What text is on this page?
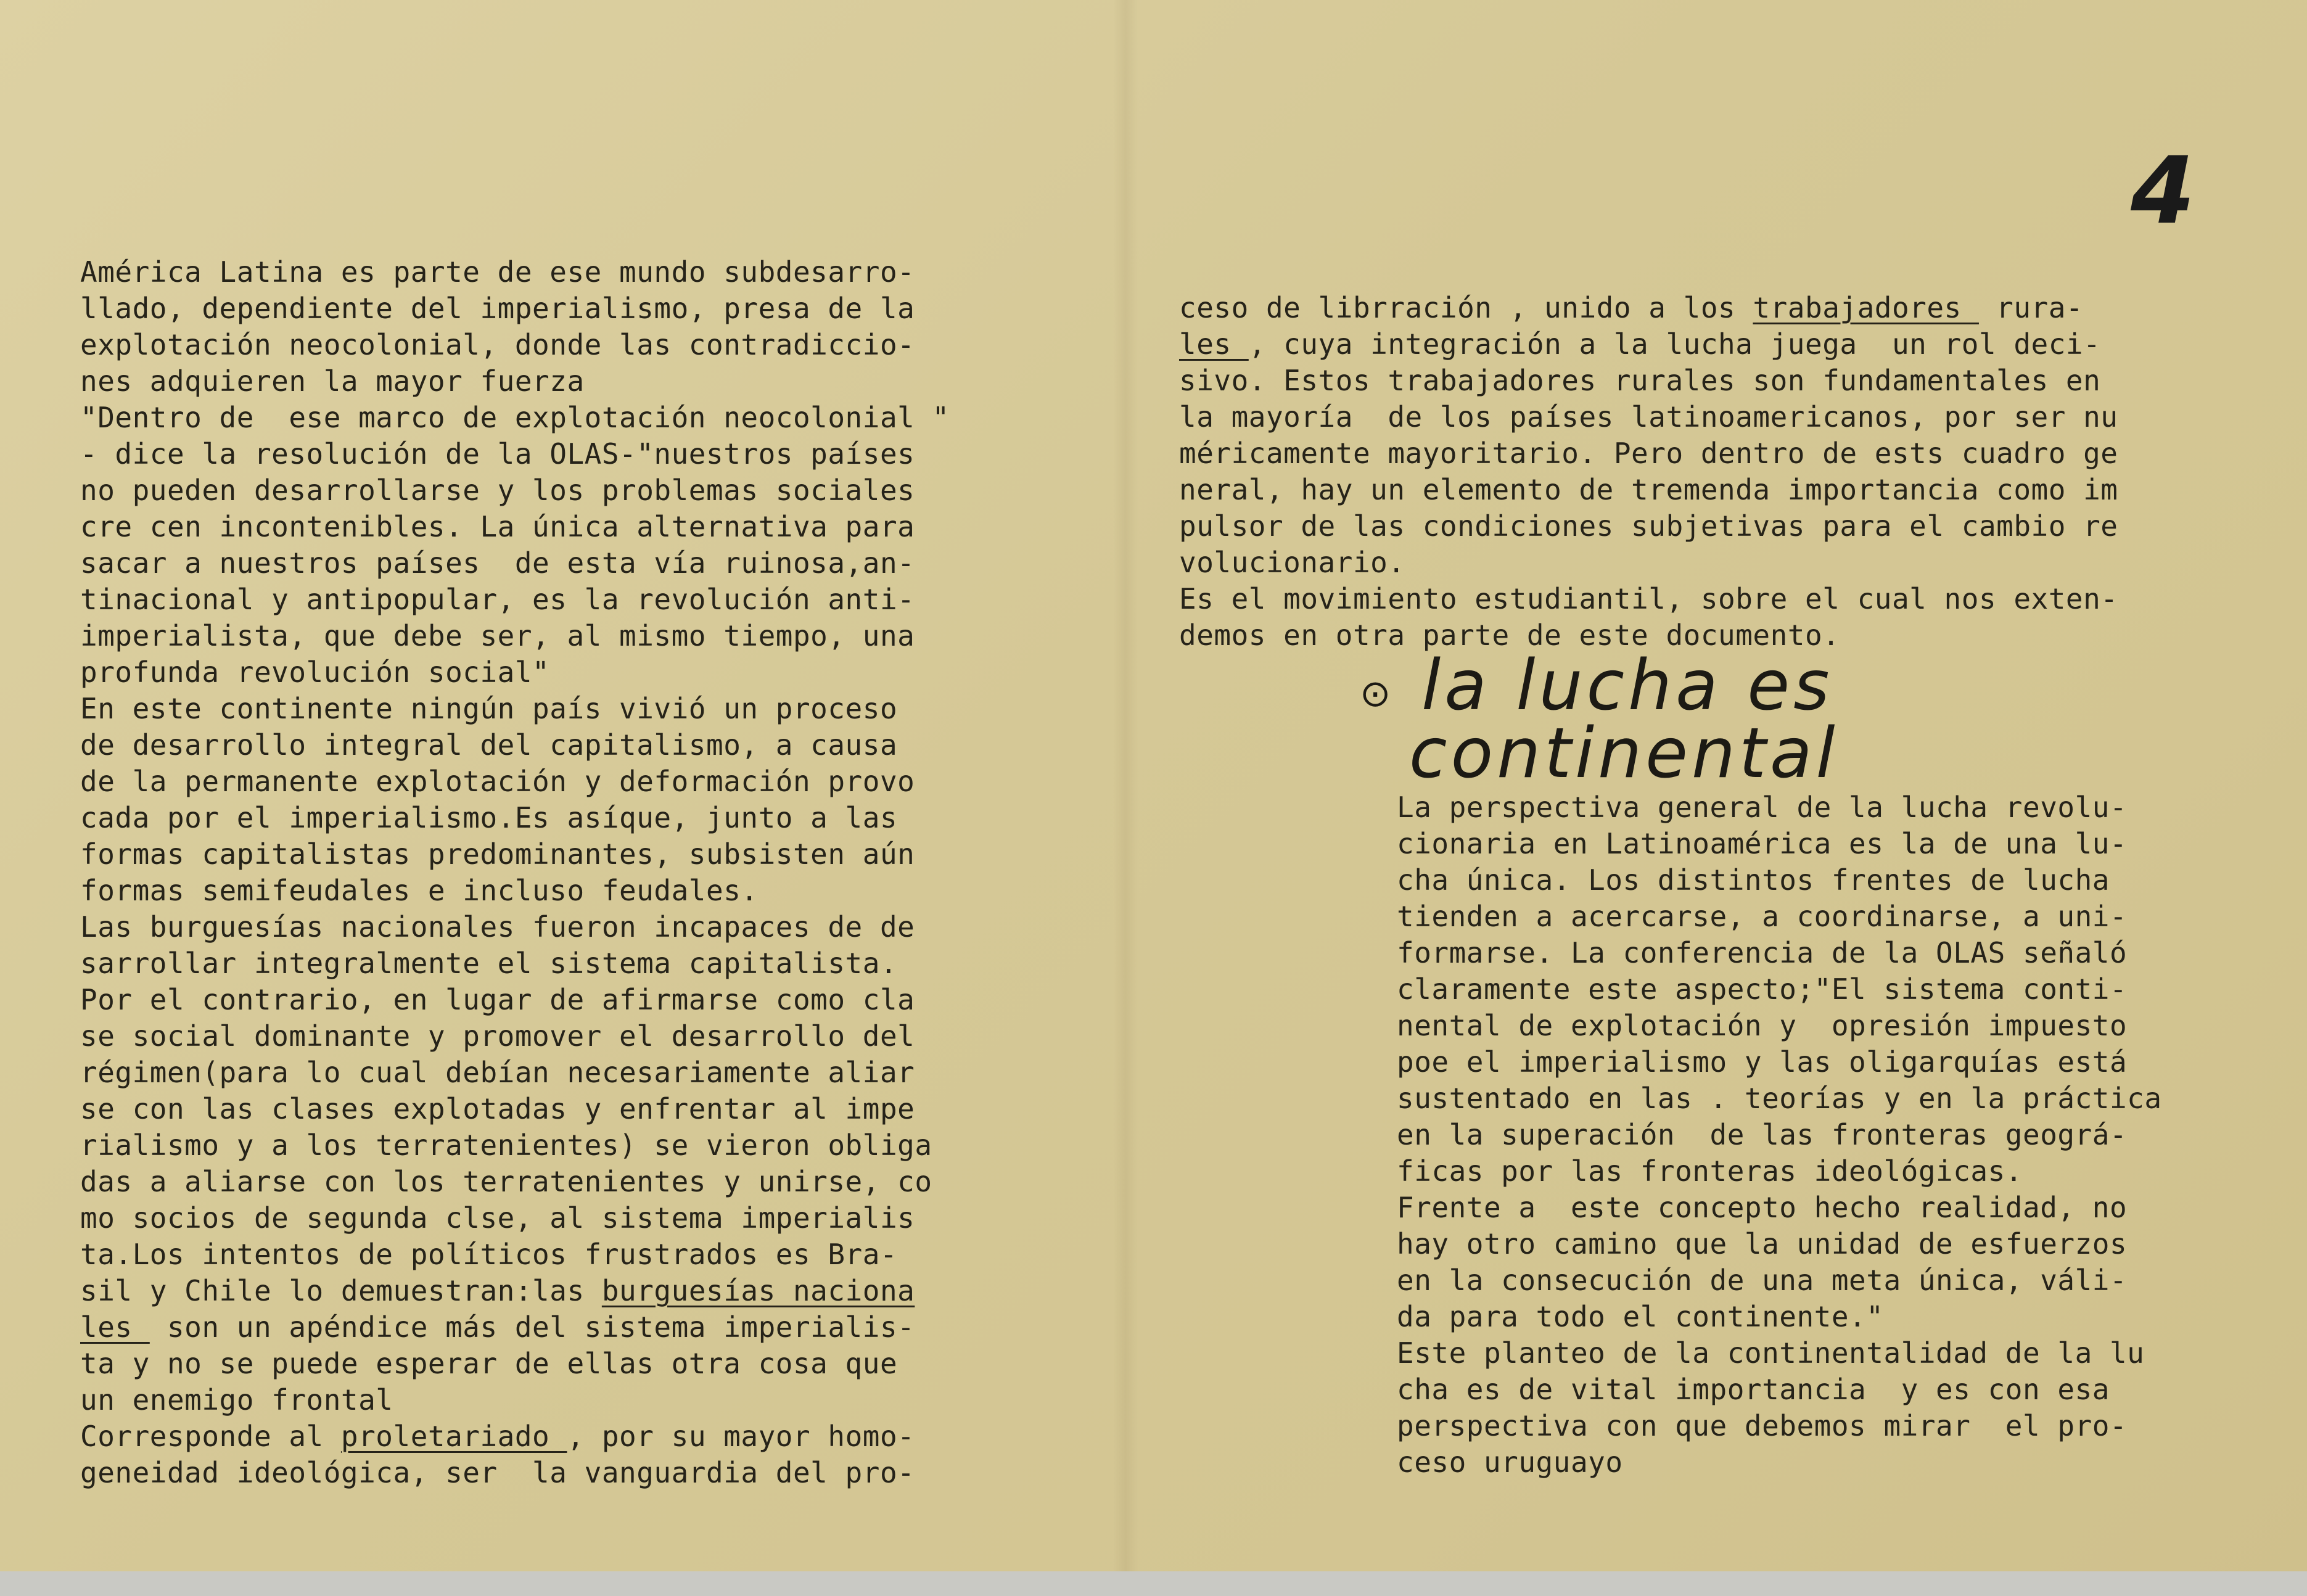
4
América Latina es parte de ese mundo subdesarro-
llado, dependiente del imperialismo, presa de la
explotación neocolonial, donde las contradiccio-
nes adquieren la mayor fuerza
"Dentro de  ese marco de explotación neocolonial "
- dice la resolución de la OLAS-"nuestros países
no pueden desarrollarse y los problemas sociales
cre cen incontenibles. La única alternativa para
sacar a nuestros países  de esta vía ruinosa,an-
tinacional y antipopular, es la revolución anti-
imperialista, que debe ser, al mismo tiempo, una
profunda revolución social"
En este continente ningún país vivió un proceso
de desarrollo integral del capitalismo, a causa
de la permanente explotación y deformación provo
cada por el imperialismo.Es asíque, junto a las
formas capitalistas predominantes, subsisten aún
formas semifeudales e incluso feudales.
Las burguesías nacionales fueron incapaces de de
sarrollar integralmente el sistema capitalista.
Por el contrario, en lugar de afirmarse como cla
se social dominante y promover el desarrollo del
régimen(para lo cual debían necesariamente aliar
se con las clases explotadas y enfrentar al impe
rialismo y a los terratenientes) se vieron obliga
das a aliarse con los terratenientes y unirse, co
mo socios de segunda clse, al sistema imperialis
ta.Los intentos de políticos frustrados es Bra-
sil y Chile lo demuestran:las burguesías naciona
les  son un apéndice más del sistema imperialis-
ta y no se puede esperar de ellas otra cosa que
un enemigo frontal
Corresponde al proletariado , por su mayor homo-
geneidad ideológica, ser  la vanguardia del pro-
ceso de librración , unido a los trabajadores  rura-
les , cuya integración a la lucha juega  un rol deci-
sivo. Estos trabajadores rurales son fundamentales en
la mayoría  de los países latinoamericanos, por ser nu
méricamente mayoritario. Pero dentro de ests cuadro ge
neral, hay un elemento de tremenda importancia como im
pulsor de las condiciones subjetivas para el cambio re
volucionario.
Es el movimiento estudiantil, sobre el cual nos exten-
demos en otra parte de este documento.
⊙ la lucha es
continental
La perspectiva general de la lucha revolu-
cionaria en Latinoamérica es la de una lu-
cha única. Los distintos frentes de lucha
tienden a acercarse, a coordinarse, a uni-
formarse. La conferencia de la OLAS señaló
claramente este aspecto;"El sistema conti-
nental de explotación y  opresión impuesto
poe el imperialismo y las oligarquías está
sustentado en las . teorías y en la práctica
en la superación  de las fronteras geográ-
ficas por las fronteras ideológicas.
Frente a  este concepto hecho realidad, no
hay otro camino que la unidad de esfuerzos
en la consecución de una meta única, váli-
da para todo el continente."
Este planteo de la continentalidad de la lu
cha es de vital importancia  y es con esa
perspectiva con que debemos mirar  el pro-
ceso uruguayo
